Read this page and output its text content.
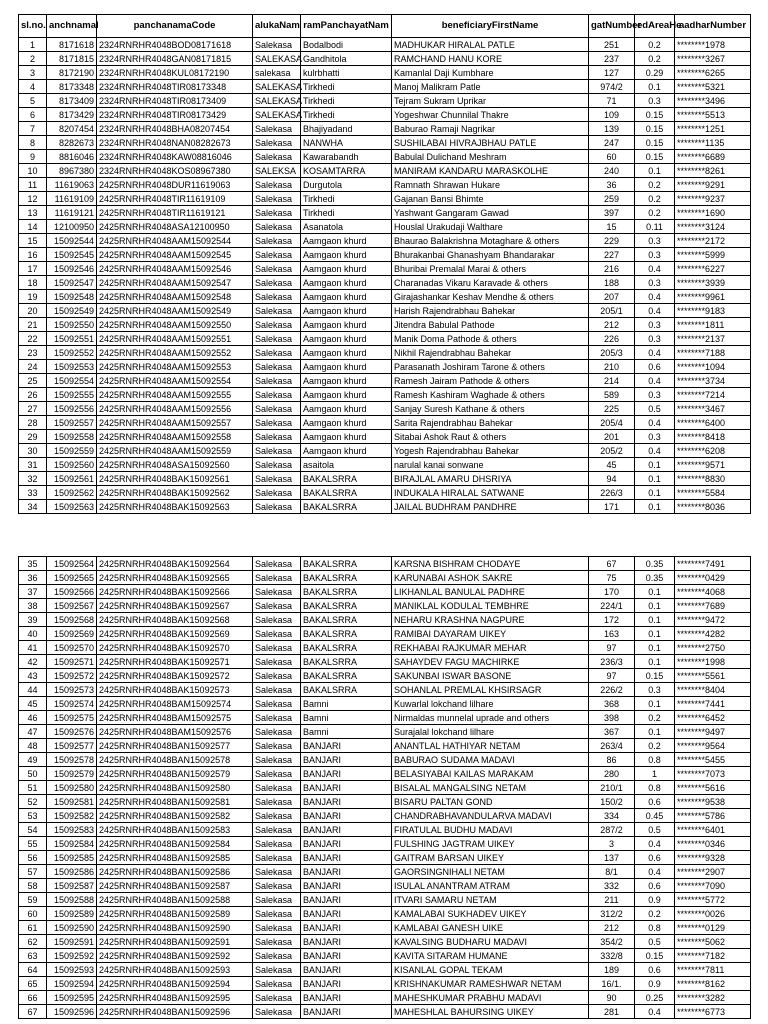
sl.no.	anchnamal	panchanamaCode	alukaNam	ramPanchayatNam	beneficiaryFirstName	gatNumber	edAreaHe	aadharNumber
1	8171618	2324RNRHR4048BOD08171618	Salekasa	Bodalbodi	MADHUKAR HIRALAL PATLE	251	0.2	********1978
2	8171815	2324RNRHR4048GAN08171815	SALEKASA	Gandhitola	RAMCHAND HANU KORE	237	0.2	********3267
3	8172190	2324RNRHR4048KUL08172190	salekasa	kulrbhatti	Kamanlal Daji Kumbhare	127	0.29	********6265
4	8173348	2324RNRHR4048TIR08173348	SALEKASA	Tirkhedi	Manoj Malikram Patle	974/2	0.1	********5321
5	8173409	2324RNRHR4048TIR08173409	SALEKASA	Tirkhedi	Tejram Sukram Uprikar	71	0.3	********3496
6	8173429	2324RNRHR4048TIR08173429	SALEKASA	Tirkhedi	Yogeshwar Chunnilal Thakre	109	0.15	********5513
7	8207454	2324RNRHR4048BHA08207454	Salekasa	Bhajiyadand	Baburao Ramaji Nagrikar	139	0.15	********1251
8	8282673	2324RNRHR4048NAN08282673	Salekasa	NANWHA	SUSHILABAI HIVRAJBHAU PATLE	247	0.15	********1135
9	8816046	2324RNRHR4048KAW08816046	Salekasa	Kawarabandh	Babulal Dulichand Meshram	60	0.15	********6689
10	8967380	2324RNRHR4048KOS08967380	SALEKSA	KOSAMTARRA	MANIRAM KANDARU MARASKOLHE	240	0.1	********8261
11	11619063	2425RNRHR4048DUR11619063	Salekasa	Durgutola	Ramnath Shrawan Hukare	36	0.2	********9291
12	11619109	2425RNRHR4048TIR11619109	Salekasa	Tirkhedi	Gajanan Bansi Bhimte	259	0.2	********9237
13	11619121	2425RNRHR4048TIR11619121	Salekasa	Tirkhedi	Yashwant Gangaram Gawad	397	0.2	********1690
14	12100950	2425RNRHR4048ASA12100950	Salekasa	Asanatola	Houslal Urakudaji Waltharе	15	0.11	********3124
15	15092544	2425RNRHR4048AAM15092544	Salekasa	Aamgaon khurd	Bhaurao Balakrishna Motaghare & others	229	0.3	********2172
16	15092545	2425RNRHR4048AAM15092545	Salekasa	Aamgaon khurd	Bhurakanbai Ghanashyam Bhandarakar	227	0.3	********5999
17	15092546	2425RNRHR4048AAM15092546	Salekasa	Aamgaon khurd	Bhuribai Premalal Marai & others	216	0.4	********6227
18	15092547	2425RNRHR4048AAM15092547	Salekasa	Aamgaon khurd	Charanadas Vikaru Karavade & others	188	0.3	********3939
19	15092548	2425RNRHR4048AAM15092548	Salekasa	Aamgaon khurd	Girajashankar Keshav Mendhe & others	207	0.4	********9961
20	15092549	2425RNRHR4048AAM15092549	Salekasa	Aamgaon khurd	Harish Rajendrabhau Bahekar	205/1	0.4	********9183
21	15092550	2425RNRHR4048AAM15092550	Salekasa	Aamgaon khurd	Jitendra Babulal Pathode	212	0.3	********1811
22	15092551	2425RNRHR4048AAM15092551	Salekasa	Aamgaon khurd	Manik Doma Pathode & others	226	0.3	********2137
23	15092552	2425RNRHR4048AAM15092552	Salekasa	Aamgaon khurd	Nikhil Rajendrabhau Bahekar	205/3	0.4	********7188
24	15092553	2425RNRHR4048AAM15092553	Salekasa	Aamgaon khurd	Parasanath Joshiram Tarone & others	210	0.6	********1094
25	15092554	2425RNRHR4048AAM15092554	Salekasa	Aamgaon khurd	Ramesh Jairam Pathode & others	214	0.4	********3734
26	15092555	2425RNRHR4048AAM15092555	Salekasa	Aamgaon khurd	Ramesh Kashiram Waghade & others	589	0.3	********7214
27	15092556	2425RNRHR4048AAM15092556	Salekasa	Aamgaon khurd	Sanjay Suresh Kathane & others	225	0.5	********3467
28	15092557	2425RNRHR4048AAM15092557	Salekasa	Aamgaon khurd	Sarita Rajendrabhau Bahekar	205/4	0.4	********6400
29	15092558	2425RNRHR4048AAM15092558	Salekasa	Aamgaon khurd	Sitabai Ashok Raut & others	201	0.3	********8418
30	15092559	2425RNRHR4048AAM15092559	Salekasa	Aamgaon khurd	Yogesh Rajendrabhau Bahekar	205/2	0.4	********6208
31	15092560	2425RNRHR4048ASA15092560	Salekasa	asaitola	narulal kanai sonwane	45	0.1	********9571
32	15092561	2425RNRHR4048BAK15092561	Salekasa	BAKALSRRA	BIRAJLAL AMARU DHSRIYA	94	0.1	********8830
33	15092562	2425RNRHR4048BAK15092562	Salekasa	BAKALSRRA	INDUKALA HIRALAL SATWANE	226/3	0.1	********5584
34	15092563	2425RNRHR4048BAK15092563	Salekasa	BAKALSRRA	JAILAL BUDHRAM PANDHRE	171	0.1	********8036
35	15092564	2425RNRHR4048BAK15092564	Salekasa	BAKALSRRA	KARSNA BISHRAM CHODAYE	67	0.35	********7491
36	15092565	2425RNRHR4048BAK15092565	Salekasa	BAKALSRRA	KARUNABAI ASHOK SAKRE	75	0.35	********0429
37	15092566	2425RNRHR4048BAK15092566	Salekasa	BAKALSRRA	LIKHANLAL BANULAL PADHRE	170	0.1	********4068
38	15092567	2425RNRHR4048BAK15092567	Salekasa	BAKALSRRA	MANIKLAL KODULAL TEMBHRE	224/1	0.1	********7689
39	15092568	2425RNRHR4048BAK15092568	Salekasa	BAKALSRRA	NEHARU KRASHNA NAGPURE	172	0.1	********9472
40	15092569	2425RNRHR4048BAK15092569	Salekasa	BAKALSRRA	RAMIBAI DAYARAM UIKEY	163	0.1	********4282
41	15092570	2425RNRHR4048BAK15092570	Salekasa	BAKALSRRA	REKHABAI RAJKUMAR MEHAR	97	0.1	********2750
42	15092571	2425RNRHR4048BAK15092571	Salekasa	BAKALSRRA	SAHAYDEV FAGU MACHIRKE	236/3	0.1	********1998
43	15092572	2425RNRHR4048BAK15092572	Salekasa	BAKALSRRA	SAKUNBAI ISWAR BASONE	97	0.15	********5561
44	15092573	2425RNRHR4048BAK15092573	Salekasa	BAKALSRRA	SOHANLAL PREMLAL KHSIRSAGR	226/2	0.3	********8404
45	15092574	2425RNRHR4048BAM15092574	Salekasa	Bamni	Kuwarlal lokchand lilhare	368	0.1	********7441
46	15092575	2425RNRHR4048BAM15092575	Salekasa	Bamni	Nirmaldas munnelal uprade and others	398	0.2	********6452
47	15092576	2425RNRHR4048BAM15092576	Salekasa	Bamni	Surajalal lokchand lilhare	367	0.1	********9497
48	15092577	2425RNRHR4048BAN15092577	Salekasa	BANJARI	ANANTLAL HATHIYAR NETAM	263/4	0.2	********9564
49	15092578	2425RNRHR4048BAN15092578	Salekasa	BANJARI	BABURAO SUDAMA MADAVI	86	0.8	********5455
50	15092579	2425RNRHR4048BAN15092579	Salekasa	BANJARI	BELASIYABAI KAILAS MARAKAM	280	1	********7073
51	15092580	2425RNRHR4048BAN15092580	Salekasa	BANJARI	BISALAL MANGALSING NETAM	210/1	0.8	********5616
52	15092581	2425RNRHR4048BAN15092581	Salekasa	BANJARI	BISARU PALTAN GOND	150/2	0.6	********9538
53	15092582	2425RNRHR4048BAN15092582	Salekasa	BANJARI	CHANDRABHAVANDULARVA MADAVI	334	0.45	********5786
54	15092583	2425RNRHR4048BAN15092583	Salekasa	BANJARI	FIRATULAL BUDHU MADAVI	287/2	0.5	********6401
55	15092584	2425RNRHR4048BAN15092584	Salekasa	BANJARI	FULSHING JAGTRAM UIKEY	3	0.4	********0346
56	15092585	2425RNRHR4048BAN15092585	Salekasa	BANJARI	GAITRAM BARSAN UIKEY	137	0.6	********9328
57	15092586	2425RNRHR4048BAN15092586	Salekasa	BANJARI	GAORSINGNIHALI NETAM	8/1	0.4	********2907
58	15092587	2425RNRHR4048BAN15092587	Salekasa	BANJARI	ISULAL ANANTRAM ATRAM	332	0.6	********7090
59	15092588	2425RNRHR4048BAN15092588	Salekasa	BANJARI	ITVARI SAMARU NETAM	211	0.9	********5772
60	15092589	2425RNRHR4048BAN15092589	Salekasa	BANJARI	KAMALABAI SUKHADEV UIKEY	312/2	0.2	********0026
61	15092590	2425RNRHR4048BAN15092590	Salekasa	BANJARI	KAMLABAI GANESH UIKE	212	0.8	********0129
62	15092591	2425RNRHR4048BAN15092591	Salekasa	BANJARI	KAVALSING BUDHARU MADAVI	354/2	0.5	********5062
63	15092592	2425RNRHR4048BAN15092592	Salekasa	BANJARI	KAVITA SITARAM HUMANE	332/8	0.15	********7182
64	15092593	2425RNRHR4048BAN15092593	Salekasa	BANJARI	KISANLAL GOPAL TEKAM	189	0.6	********7811
65	15092594	2425RNRHR4048BAN15092594	Salekasa	BANJARI	KRISHNAKUMAR RAMESHWAR NETAM	16/1.	0.9	********8162
66	15092595	2425RNRHR4048BAN15092595	Salekasa	BANJARI	MAHESHKUMAR PRABHU MADAVI	90	0.25	********3282
67	15092596	2425RNRHR4048BAN15092596	Salekasa	BANJARI	MAHESHLAL BAHURSING UIKEY	281	0.4	********6773
